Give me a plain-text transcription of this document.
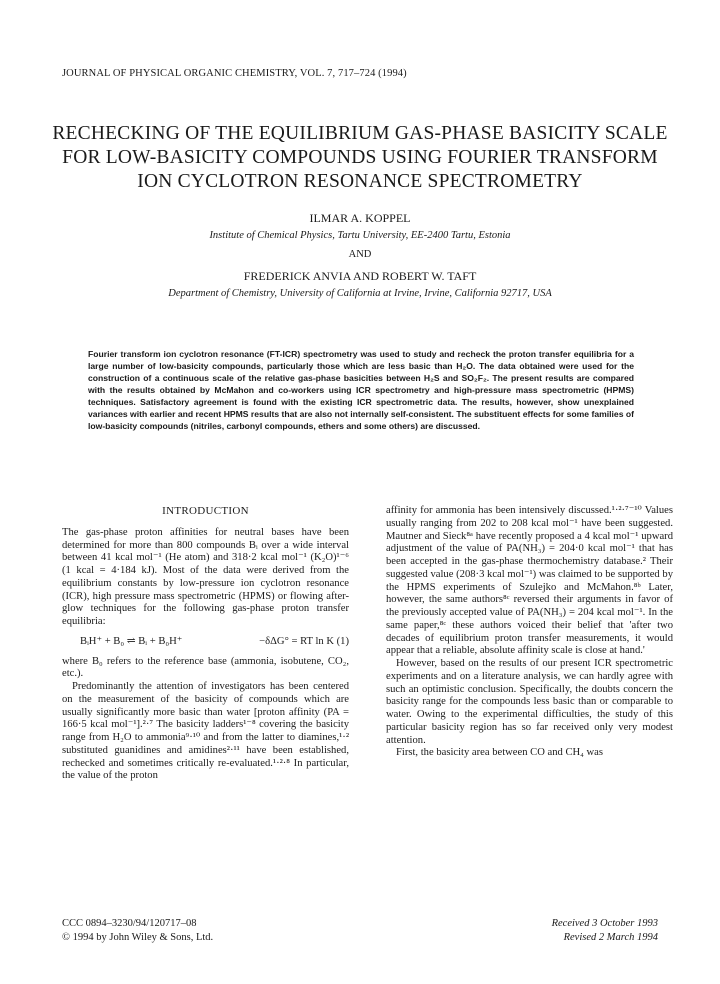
JOURNAL OF PHYSICAL ORGANIC CHEMISTRY, VOL. 7, 717–724 (1994)
RECHECKING OF THE EQUILIBRIUM GAS-PHASE BASICITY SCALE
FOR LOW-BASICITY COMPOUNDS USING FOURIER TRANSFORM
ION CYCLOTRON RESONANCE SPECTROMETRY
ILMAR A. KOPPEL
Institute of Chemical Physics, Tartu University, EE-2400 Tartu, Estonia
AND
FREDERICK ANVIA AND ROBERT W. TAFT
Department of Chemistry, University of California at Irvine, Irvine, California 92717, USA
Fourier transform ion cyclotron resonance (FT-ICR) spectrometry was used to study and recheck the proton transfer equilibria for a large number of low-basicity compounds, particularly those which are less basic than H₂O. The data obtained were used for the construction of a continuous scale of the relative gas-phase basicities between H₂S and SO₂F₂. The present results are compared with the results obtained by McMahon and co-workers using ICR spectrometry and high-pressure mass spectrometric (HPMS) techniques. Satisfactory agreement is found with the existing ICR spectrometric data. The results, however, show unexplained variances with earlier and recent HPMS results that are also not internally self-consistent. The substituent effects for some families of low-basicity compounds (nitriles, carbonyl compounds, ethers and some others) are discussed.
INTRODUCTION

The gas-phase proton affinities for neutral bases have been determined for more than 800 compounds Bᵢ over a wide interval between 41 kcal mol⁻¹ (He atom) and 318·2 kcal mol⁻¹ (K₂O)¹⁻⁶ (1 kcal = 4·184 kJ). Most of the data were derived from the equilibrium constants by low-pressure ion cyclotron resonance (ICR), high pressure mass spectrometric (HPMS) or flowing after-glow techniques for the following gas-phase proton transfer equilibria:

BᵢH⁺ + B₀ ⇌ Bᵢ + B₀H⁺	−δΔG° = RT ln K (1)

where B₀ refers to the reference base (ammonia, isobutene, CO₂, etc.).

Predominantly the attention of investigators has been centered on the measurement of the basicity of compounds which are usually significantly more basic than water [proton affinity (PA = 166·5 kcal mol⁻¹].²·⁷ The basicity ladders¹⁻⁸ covering the basicity range from H₂O to ammonia⁹·¹⁰ and from the latter to diamines,¹·² substituted guanidines and amidines²·¹¹ have been established, rechecked and sometimes critically re-evaluated.¹·²·⁸ In particular, the value of the proton

affinity for ammonia has been intensively discussed.¹·²·⁷⁻¹⁰ Values usually ranging from 202 to 208 kcal mol⁻¹ have been suggested. Mautner and Sieck⁸ᵃ have recently proposed a 4 kcal mol⁻¹ upward adjustment of the value of PA(NH₃) = 204·0 kcal mol⁻¹ that has been accepted in the gas-phase thermochemistry database.² Their suggested value (208·3 kcal mol⁻¹) was claimed to be supported by the HPMS experiments of Szulejko and McMahon.⁸ᵇ Later, however, the same authors⁸ᶜ reversed their arguments in favor of the previously accepted value of PA(NH₃) = 204 kcal mol⁻¹. In the same paper,⁸ᶜ these authors voiced their belief that 'after two decades of equilibrium proton transfer measurements, it would appear that a reliable, absolute affinity scale is close at hand.'

However, based on the results of our present ICR spectrometric experiments and on a literature analysis, we can hardly agree with such an optimistic conclusion. Specifically, the doubts concern the basicity range for the compounds less basic than or comparable to water. Owing to the experimental difficulties, the study of this particular basicity region has so far received only very modest attention.

First, the basicity area between CO and CH₄ was

CCC 0894–3230/94/120717–08
© 1994 by John Wiley & Sons, Ltd.
Received 3 October 1993
Revised 2 March 1994
